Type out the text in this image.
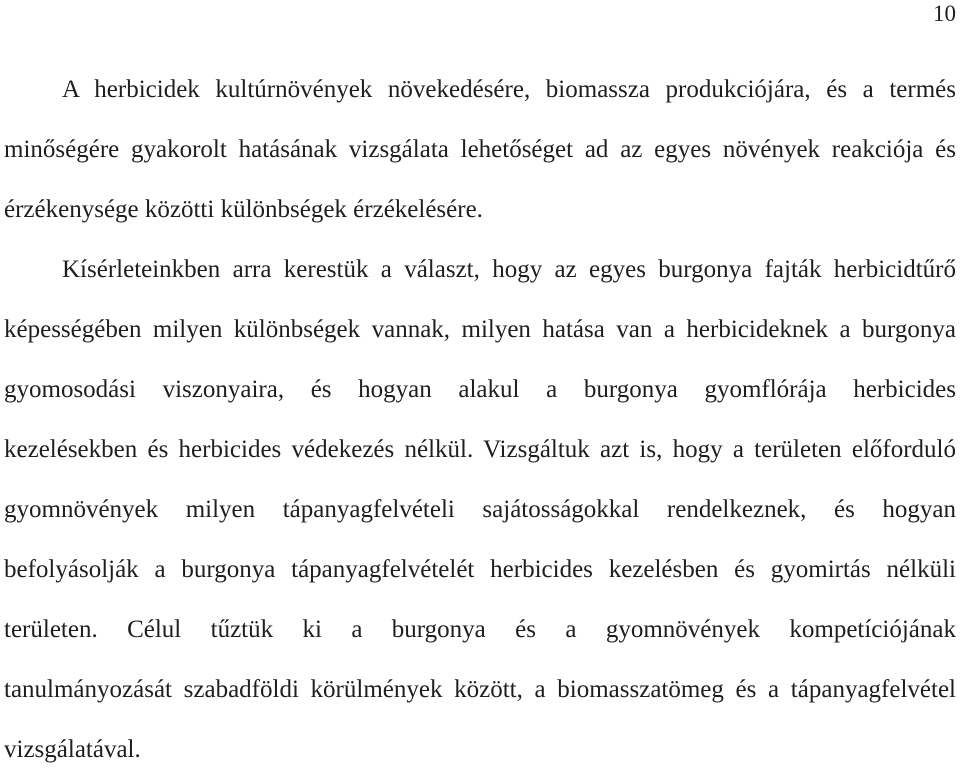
10
A herbicidek kultúrnövények növekedésére, biomassza produkciójára, és a termés
minőségére gyakorolt hatásának vizsgálata lehetőséget ad az egyes növények reakciója és
érzékenysége közötti különbségek érzékelésére.
Kísérleteinkben arra kerestük a választ, hogy az egyes burgonya fajták herbicidtűrő
képességében milyen különbségek vannak, milyen hatása van a herbicideknek a burgonya
gyomosodási viszonyaira, és hogyan alakul a burgonya gyomflórája herbicides
kezelésekben és herbicides védekezés nélkül. Vizsgáltuk azt is, hogy a területen előforduló
gyomnövények milyen tápanyagfelvételi sajátosságokkal rendelkeznek, és hogyan
befolyásolják a burgonya tápanyagfelvételét herbicides kezelésben és gyomirtás nélküli
területen. Célul tűztük ki a burgonya és a gyomnövények kompetíciójának
tanulmányozását szabadföldi körülmények között, a biomasszatömeg és a tápanyagfelvétel
vizsgálatával.
